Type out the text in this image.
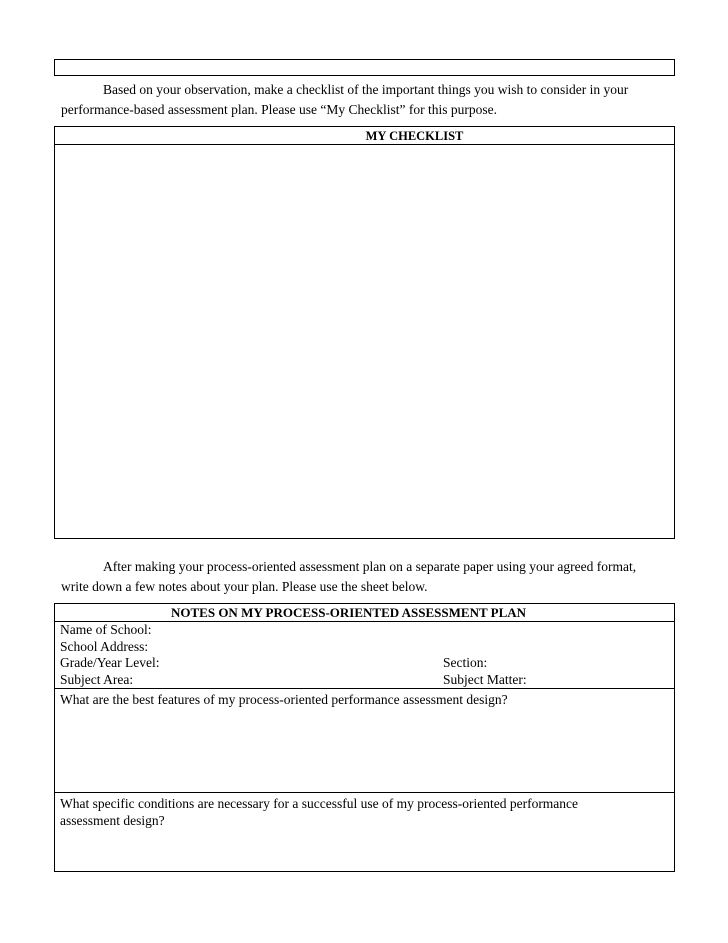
Based on your observation, make a checklist of the important things you wish to consider in your
performance-based assessment plan. Please use “My Checklist” for this purpose.
MY CHECKLIST
After making your process-oriented assessment plan on a separate paper using your agreed format,
write down a few notes about your plan. Please use the sheet below.
NOTES ON MY PROCESS-ORIENTED ASSESSMENT PLAN
Name of School:
School Address:
Grade/Year Level:	Section:
Subject Area:	Subject Matter:
What are the best features of my process-oriented performance assessment design?
What specific conditions are necessary for a successful use of my process-oriented performance
assessment design?
